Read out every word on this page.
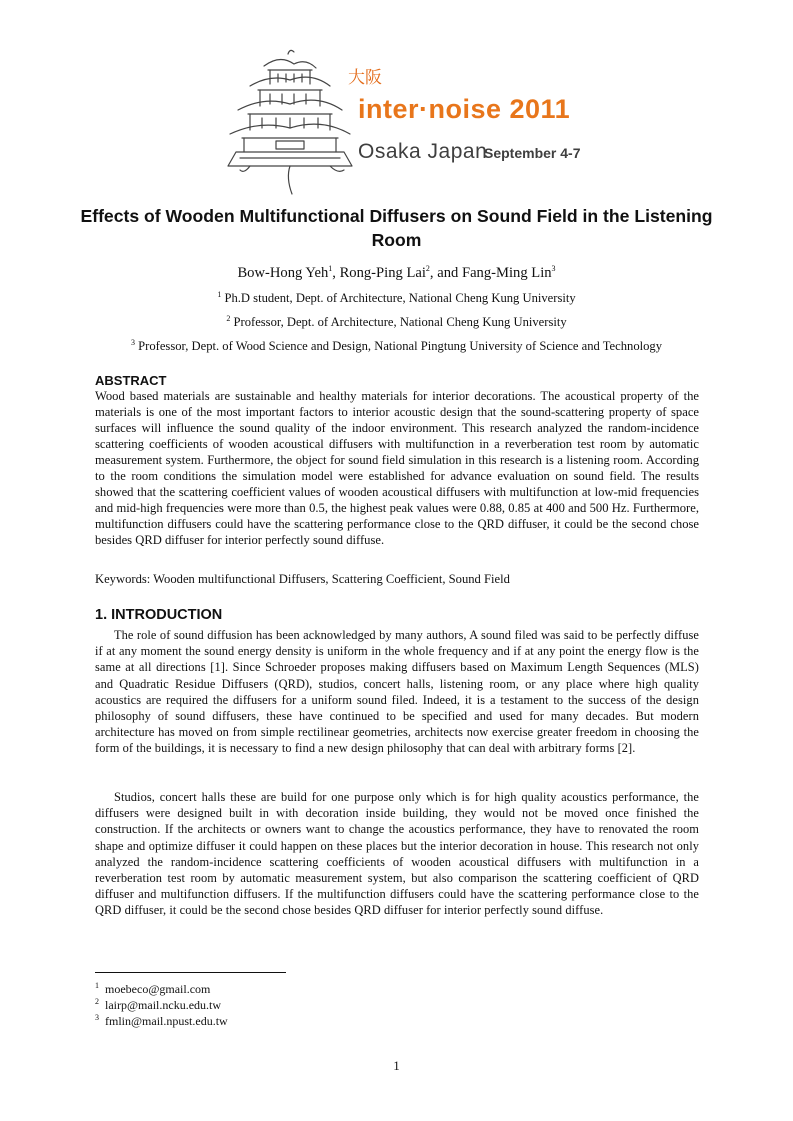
大阪
inter·noise 2011
Osaka Japan
September 4-7
Effects of Wooden Multifunctional Diffusers on Sound Field in the Listening Room
Bow-Hong Yeh$^1$, Rong-Ping Lai$^2$, and Fang-Ming Lin$^3$
$^1$ Ph.D student, Dept. of Architecture, National Cheng Kung University
$^2$ Professor, Dept. of Architecture, National Cheng Kung University
$^3$ Professor, Dept. of Wood Science and Design, National Pingtung University of Science and Technology
ABSTRACT

Wood based materials are sustainable and healthy materials for interior decorations. The acoustical property of the materials is one of the most important factors to interior acoustic design that the sound-scattering property of space surfaces will influence the sound quality of the indoor environment. This research analyzed the random-incidence scattering coefficients of wooden acoustical diffusers with multifunction in a reverberation test room by automatic measurement system. Furthermore, the object for sound field simulation in this research is a listening room. According to the room conditions the simulation model were established for advance evaluation on sound field. The results showed that the scattering coefficient values of wooden acoustical diffusers with multifunction at low-mid frequencies and mid-high frequencies were more than 0.5, the highest peak values were 0.88, 0.85 at 400 and 500 Hz. Furthermore, multifunction diffusers could have the scattering performance close to the QRD diffuser, it could be the second chose besides QRD diffuser for interior perfectly sound diffuse.

Keywords: Wooden multifunctional Diffusers, Scattering Coefficient, Sound Field

1. INTRODUCTION

The role of sound diffusion has been acknowledged by many authors, A sound filed was said to be perfectly diffuse if at any moment the sound energy density is uniform in the whole frequency and if at any point the energy flow is the same at all directions [1]. Since Schroeder proposes making diffusers based on Maximum Length Sequences (MLS) and Quadratic Residue Diffusers (QRD), studios, concert halls, listening room, or any place where high quality acoustics are required the diffusers for a uniform sound filed. Indeed, it is a testament to the success of the design philosophy of sound diffusers, these have continued to be specified and used for many decades. But modern architecture has moved on from simple rectilinear geometries, architects now exercise greater freedom in choosing the form of the buildings, it is necessary to find a new design philosophy that can deal with arbitrary forms [2].

Studios, concert halls these are build for one purpose only which is for high quality acoustics performance, the diffusers were designed built in with decoration inside building, they would not be moved once finished the construction. If the architects or owners want to change the acoustics performance, they have to renovated the room shape and optimize diffuser it could happen on these places but the interior decoration in house. This research not only analyzed the random-incidence scattering coefficients of wooden acoustical diffusers with multifunction in a reverberation test room by automatic measurement system, but also comparison the scattering coefficient of QRD diffuser and multifunction diffusers. If the multifunction diffusers could have the scattering performance close to the QRD diffuser, it could be the second chose besides QRD diffuser for interior perfectly sound diffuse.

$^1$ moebeco@gmail.com
$^2$ lairp@mail.ncku.edu.tw
$^3$ fmlin@mail.npust.edu.tw
1
